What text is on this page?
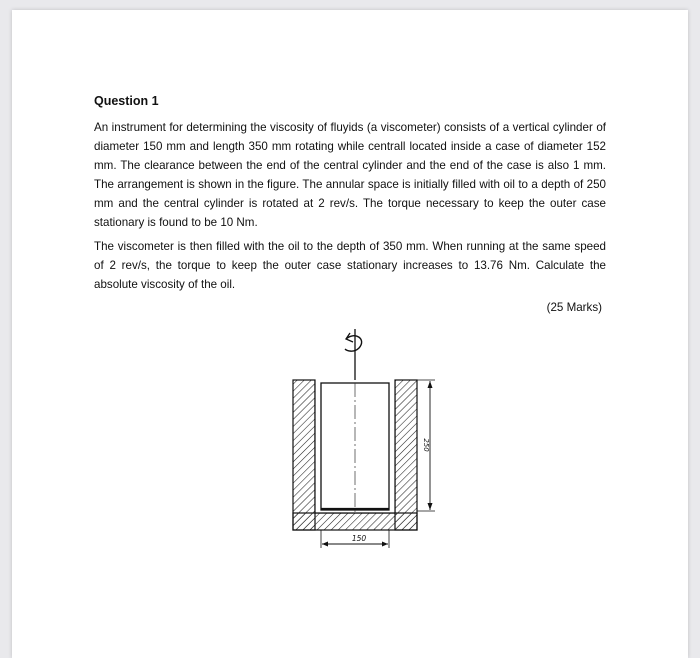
Question 1

An instrument for determining the viscosity of fluyids (a viscometer) consists of a vertical cylinder of diameter 150 mm and length 350 mm rotating while centrall located inside a case of diameter 152 mm. The clearance between the end of the central cylinder and the end of the case is also 1 mm. The arrangement is shown in the figure. The annular space is initially filled with oil to a depth of 250 mm and the central cylinder is rotated at 2 rev/s. The torque necessary to keep the outer case stationary is found to be 10 Nm.

The viscometer is then filled with the oil to the depth of 350 mm. When running at the same speed of 2 rev/s, the torque to keep the outer case stationary increases to 13.76 Nm. Calculate the absolute viscosity of the oil.

(25 Marks)

250
150
